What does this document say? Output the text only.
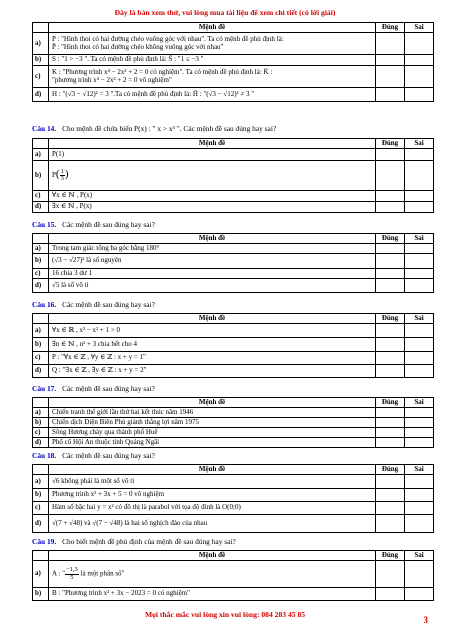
Đây là bản xem thử, vui lòng mua tài liệu để xem chi tiết (có lời giải)
	Mệnh đề	Đúng	Sai
a)	P : "Hình thoi có hai đường chéo vuông góc với nhau". Ta có mệnh đề phủ định là:
P̄ : "Hình thoi có hai đường chéo không vuông góc với nhau"		

b)	S : "1 > −3 ". Ta có mệnh đề phủ định là: S̄ : "1 ≤ −3 "		
c)	K : "Phương trình x⁴ − 2x² + 2 = 0 có nghiệm". Ta có mệnh đề phủ định là: K̄ :
"phương trình x⁴ − 2x² + 2 = 0 vô nghiệm"		

d)	H : "(√3 − √12)² = 3 ".Ta có mệnh đề phủ định là: H̄ : "(√3 − √12)² ≠ 3 "		
Câu 14. Cho mệnh đề chứa biến P(x) : " x > x³ ". Các mệnh đề sau đúng hay sai?
	Mệnh đề	Đúng	Sai
a)	P(1)		
b)	$P( \frac{1}{3}$ )		
c)	∀x ∈ ℕ , P(x)		
d)	∃x ∈ ℕ , P(x)		
Câu 15. Các mệnh đề sau đúng hay sai?
	Mệnh đề	Đúng	Sai
a)	Trong tam giác tổng ba góc bằng 180°		
b)	(√3 − √27)² là số nguyên		
c)	16 chia 3 dư 1		
d)	√5 là số vô tỉ		
Câu 16. Các mệnh đề sau đúng hay sai?
	Mệnh đề	Đúng	Sai
a)	∀x ∈ ℝ , x³ − x² + 1 > 0		
b)	∃n ∈ ℕ , n² + 3 chia hết cho 4		
c)	P : "∀x ∈ ℤ , ∀y ∈ ℤ : x + y = 1"		
d)	Q : "∃x ∈ ℤ , ∃y ∈ ℤ : x + y = 2"		
Câu 17. Các mệnh đề sau đúng hay sai?
	Mệnh đề	Đúng	Sai
a)	Chiến tranh thế giới lần thứ hai kết thúc năm 1946		
b)	Chiến dịch Điện Biên Phủ giành thắng lợi năm 1975		
c)	Sông Hương chảy qua thành phố Huế		
d)	Phố cổ Hội An thuộc tỉnh Quảng Ngãi		
Câu 18. Các mệnh đề sau đúng hay sai?
	Mệnh đề	Đúng	Sai
a)	√6 không phải là một số vô tỉ		
b)	Phương trình x² + 3x + 5 = 0 vô nghiệm		
c)	Hàm số bậc hai y = x² có đồ thị là parabol với tọa độ đỉnh là O(0;0)		
d)	√(7 + √48) và √(7 − √48) là hai số nghịch đảo của nhau		
Câu 19. Cho biết mệnh đề phủ định của mệnh đề sau đúng hay sai?
	Mệnh đề	Đúng	Sai
a)	A : " $\frac{-1,3}{5}$ là một phân số"		
b)	B : "Phương trình x² + 3x − 2023 = 0 có nghiệm"		
Mọi thắc mắc vui lòng xin vui lòng: 084 283 45 85
3
